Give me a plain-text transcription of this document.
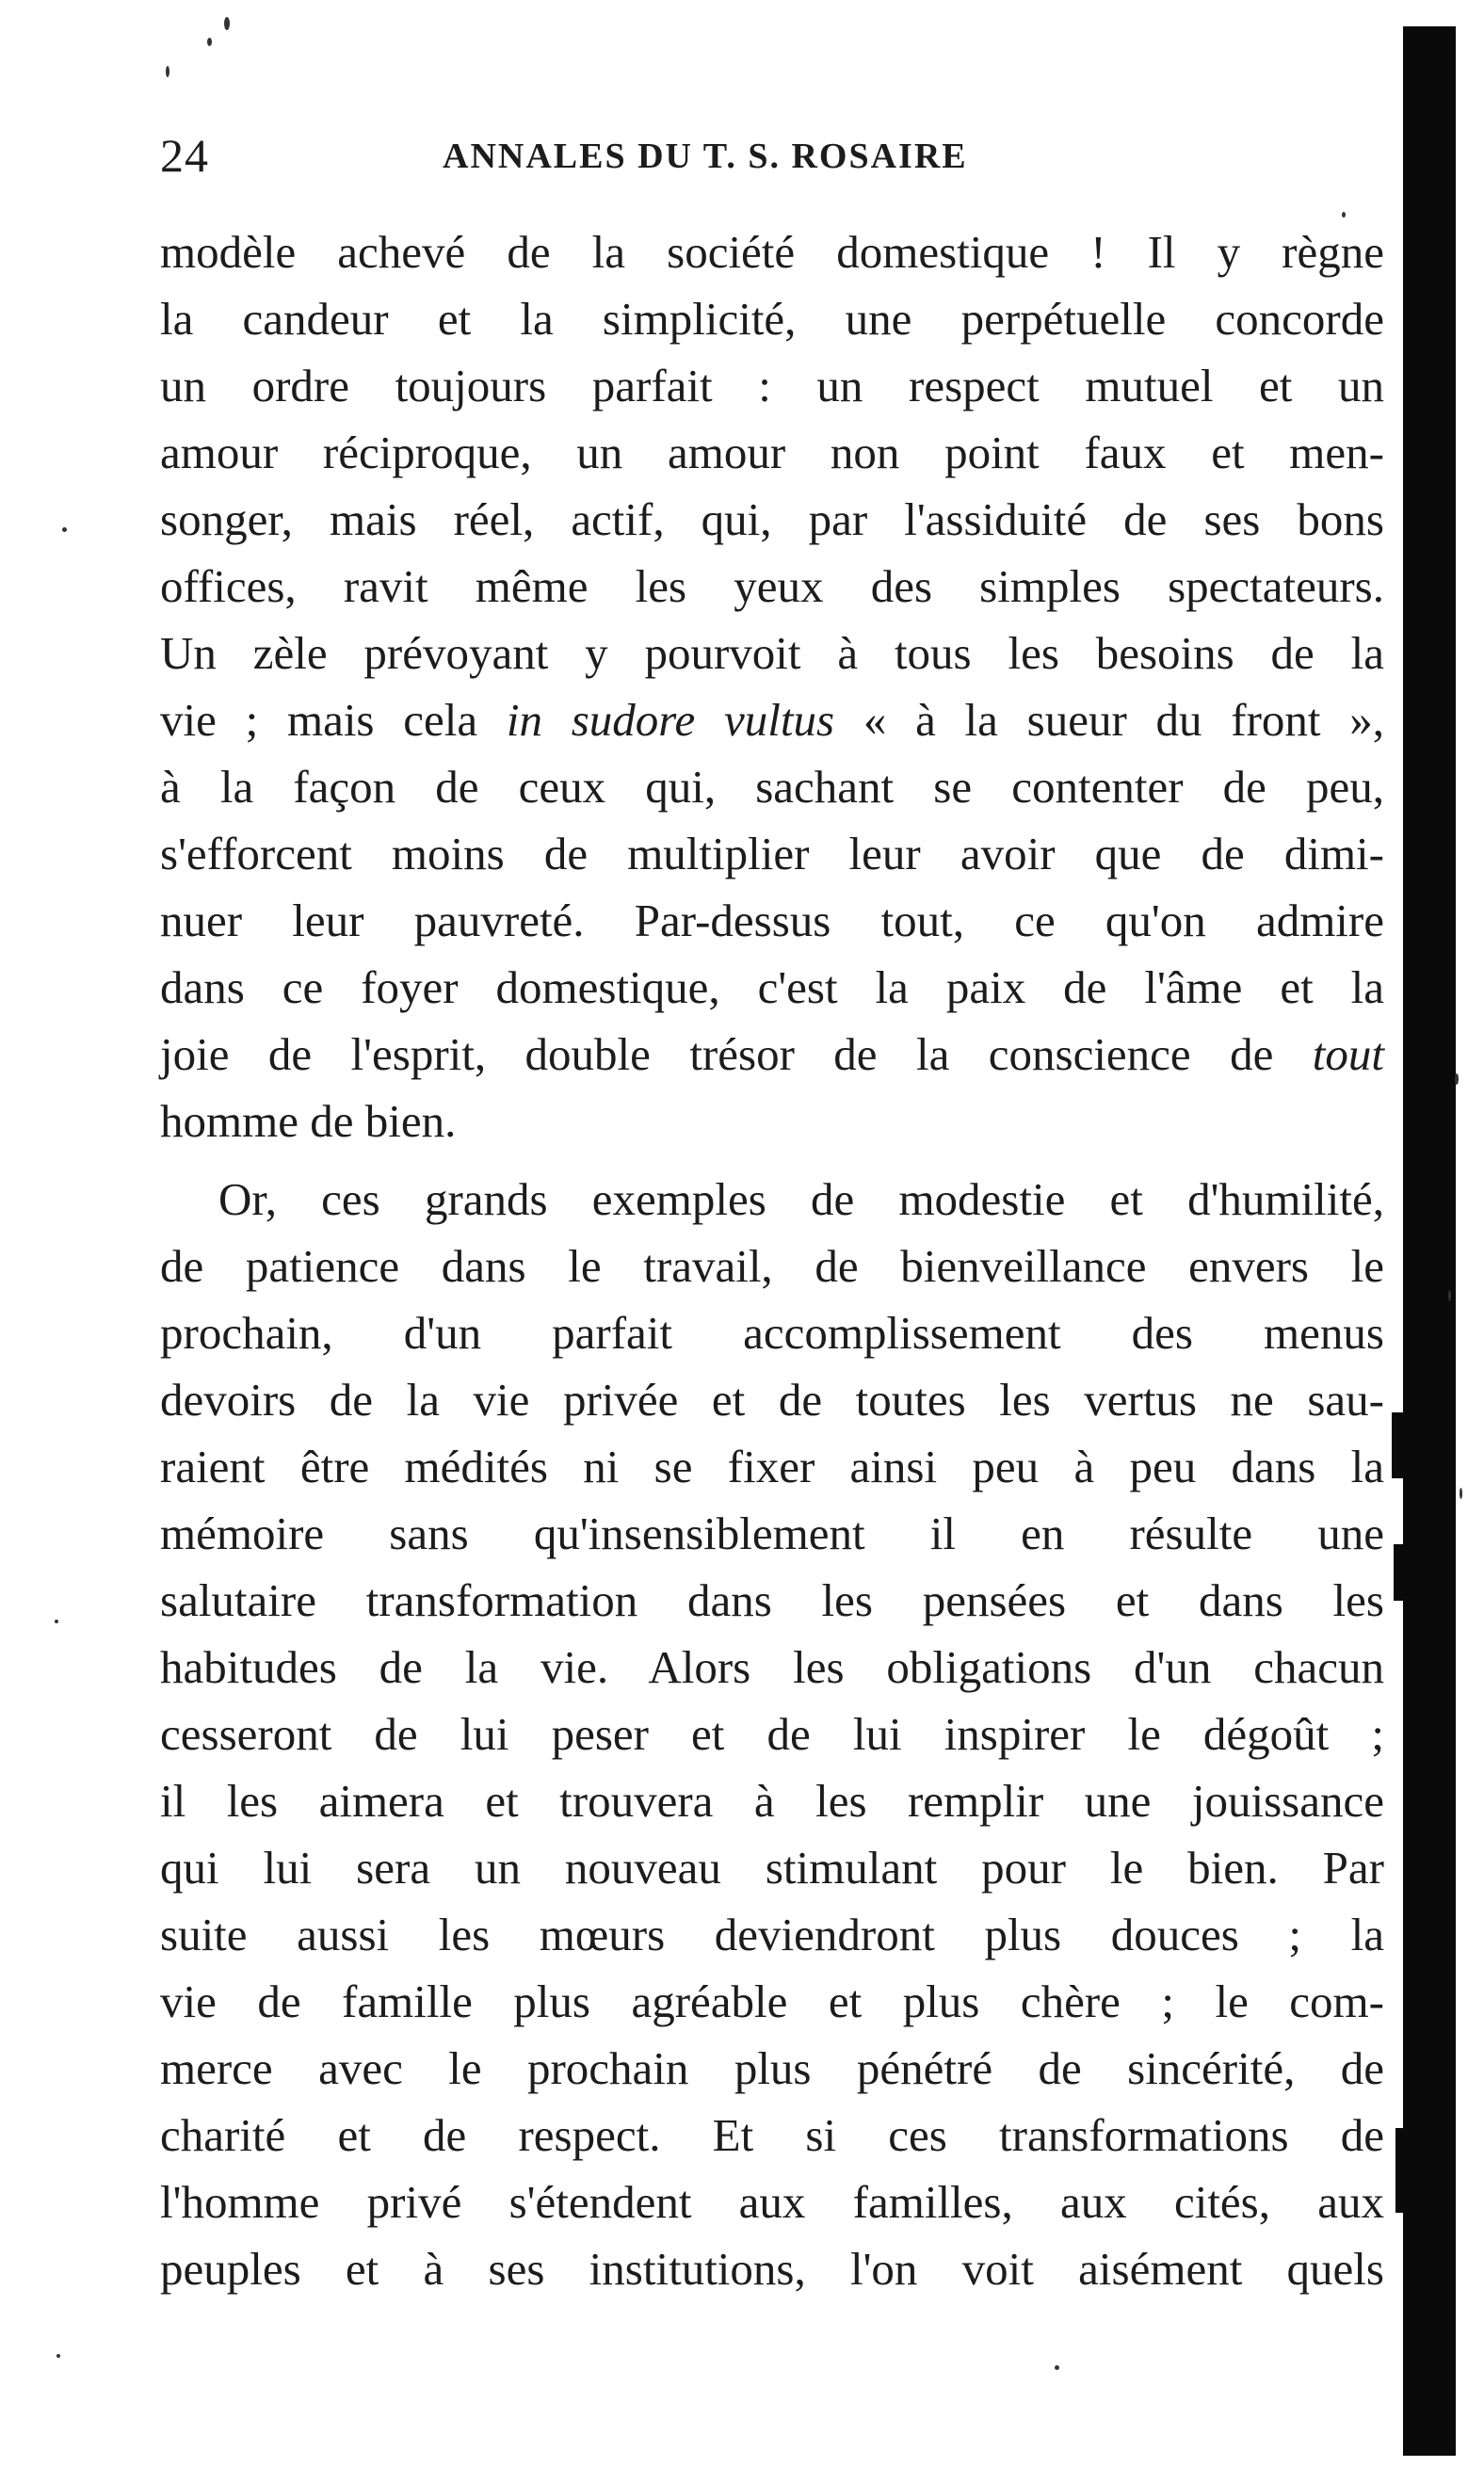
24	ANNALES DU T. S. ROSAIRE
modèle achevé de la société domestique ! Il y règne
la candeur et la simplicité, une perpétuelle concorde
un ordre toujours parfait : un respect mutuel et un
amour réciproque, un amour non point faux et men-
songer, mais réel, actif, qui, par l'assiduité de ses bons
offices, ravit même les yeux des simples spectateurs.
Un zèle prévoyant y pourvoit à tous les besoins de la
vie ; mais cela in sudore vultus « à la sueur du front »,
à la façon de ceux qui, sachant se contenter de peu,
s'efforcent moins de multiplier leur avoir que de dimi-
nuer leur pauvreté. Par-dessus tout, ce qu'on admire
dans ce foyer domestique, c'est la paix de l'âme et la
joie de l'esprit, double trésor de la conscience de tout
homme de bien.
Or, ces grands exemples de modestie et d'humilité,
de patience dans le travail, de bienveillance envers le
prochain, d'un parfait accomplissement des menus
devoirs de la vie privée et de toutes les vertus ne sau-
raient être médités ni se fixer ainsi peu à peu dans la
mémoire sans qu'insensiblement il en résulte une
salutaire transformation dans les pensées et dans les
habitudes de la vie. Alors les obligations d'un chacun
cesseront de lui peser et de lui inspirer le dégoût ;
il les aimera et trouvera à les remplir une jouissance
qui lui sera un nouveau stimulant pour le bien. Par
suite aussi les mœurs deviendront plus douces ; la
vie de famille plus agréable et plus chère ; le com-
merce avec le prochain plus pénétré de sincérité, de
charité et de respect. Et si ces transformations de
l'homme privé s'étendent aux familles, aux cités, aux
peuples et à ses institutions, l'on voit aisément quels
